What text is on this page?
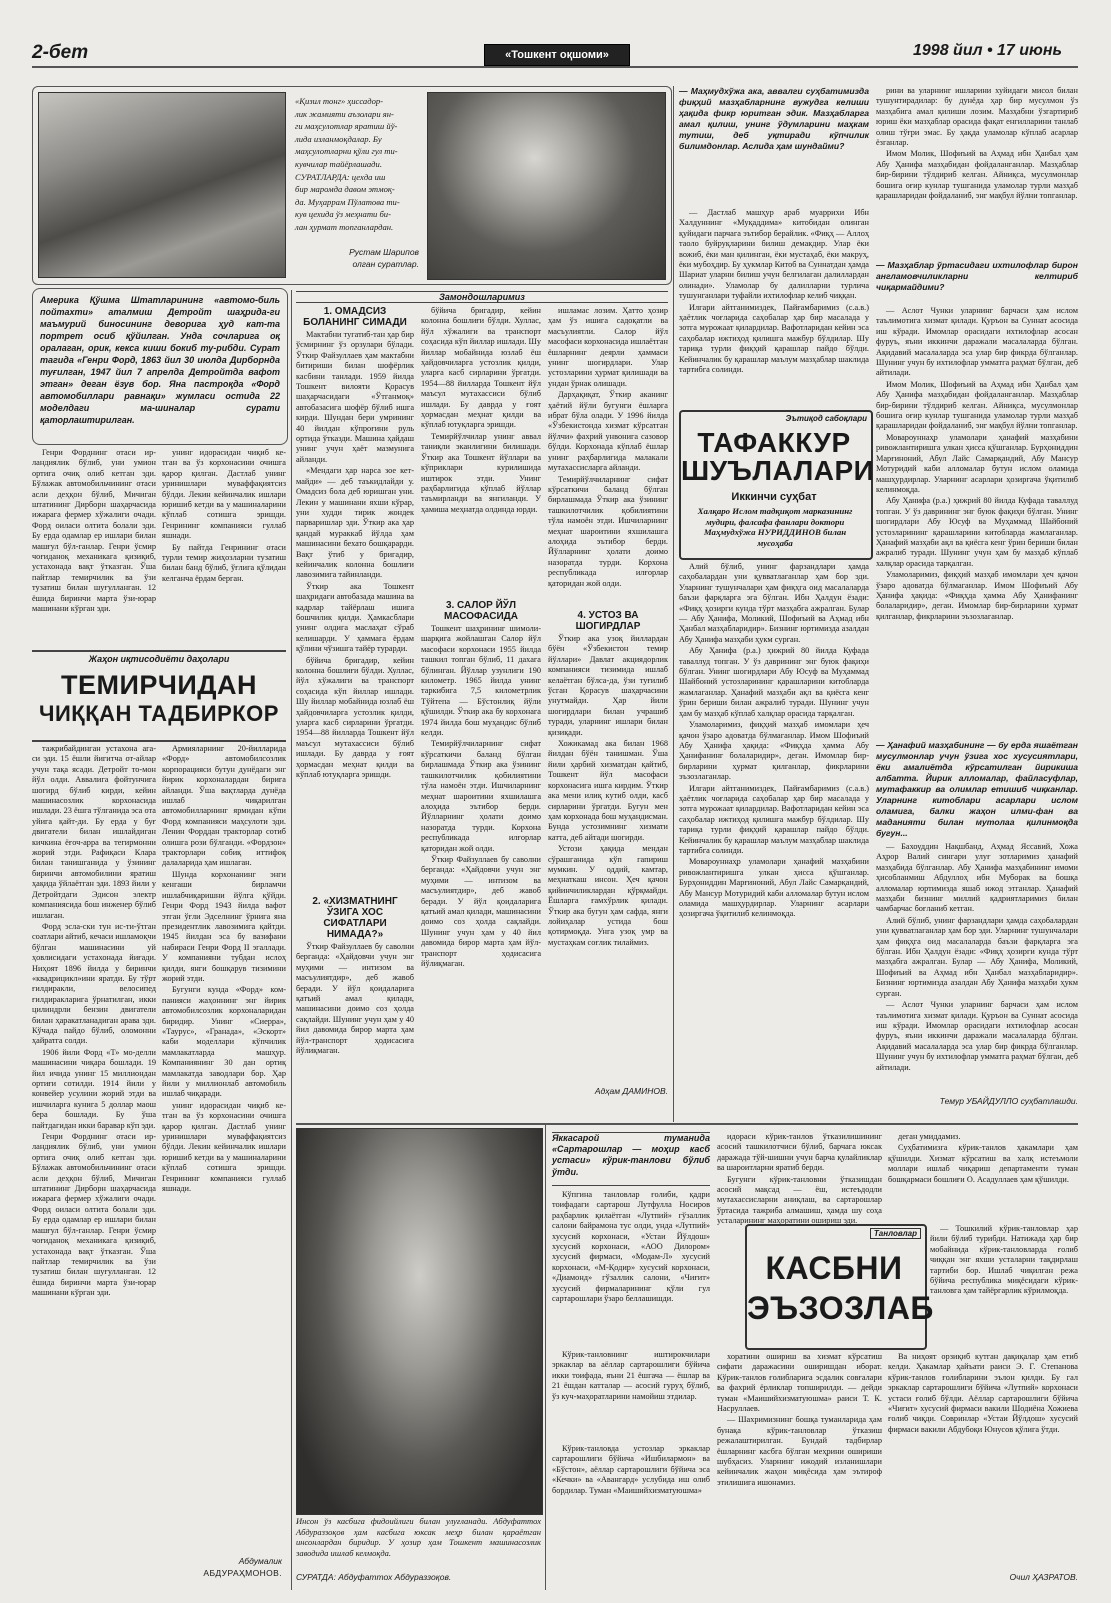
2-бет	«Тошкент оқшоми»	1998 йил • 17 июнь
«Қизил тонг» ҳиссадор-
лик жамияти аъзолари ян-
ги маҳсулотлар яратиш йў-
лида изланмоқдалар. Бу
маҳсулотларни қўли гул ти-
кувчилар тайёрлашади.
СУРАТЛАРДА: цехда иш
бир маромда давом этмоқ-
да. Муҳаррам Пўлатова ти-
кув цехида ўз меҳнати би-
лан ҳурмат топганлардан.
Рустам Шарипов
олган суратлар.
Америка Қўшма Штатларининг «автомо-биль пойтахти» аталмиш Детройт шаҳрида-ги маъмурий биносининг деворига ҳуд кат-та портрет осиб қўйилган. Унда сочларига оқ оралаган, орик, кекса киши бокиб ту-рибди. Сурат тагида «Генри Форд, 1863 йил 30 июлда Дирборнда туғилган, 1947 йил 7 апрелда Детройтда вафот этган» деган ёзув бор. Яна пастроқда «Форд автомобиллари равнақи» жумласи остида 22 моделдаги ма-шиналар сурати қаторлаштирилган.

Генри Форднинг отаси ир-ландиялик бўлиб, уни умион ортига очиқ олиб кетган эди. Бўлажак автомобильчининг отаси асли деҳқон бўлиб, Мичиган штатининг Дирборн шаҳарчасида ижарага фермер хўжалиги очади. Форд оиласи олтита болали эди. Бу ерда одамлар ер ишлари билан машғул бўл-ганлар. Генри ўсмир чоғиданоқ механикага қизиқиб, устахонада вақт ўтказган. Ўша пайтлар темирчилик ва ўзи тузатиш билан шуғулланган. 12 ёшида биринчи марта ўзи-юрар машинани кўрган эди.

унинг идорасидан чиқиб ке-тган ва ўз корхонасини очишга қарор қилган. Дастлаб унинг уринишлари муваффақиятсиз бўлди. Лекин кейинчалик ишлари юришиб кетди ва у машиналарини кўплаб сотишга эришди. Генрининг компанияси гуллаб яшнади.

Бу пайтда Генрининг отаси турли темир жиҳозларни тузатиш билан банд бўлиб, ўғлига қўлидан келганча ёрдам берган.

Жаҳон иқтисодиёти даҳолари
ТЕМИРЧИДАН
ЧИҚҚАН ТАДБИРКОР

тажрибайдинган устахона ага-си эди. 15 ёшли йигитча от-айлар учун тақа ясади. Детройт то-мон йўл олди. Аввалига фойтунчига шогирд бўлиб кирди, кейин машинасозлик корхонасида ишлади. 23 ёшга тўлганида эса ота уйига қайт-ди. Бу ерда у буғ двигатели билан ишлайдиган кичкина ёғоч-арра ва тегирмонни жорий этди. Рафиқаси Клара билан танишганида у ўзининг биринчи автомобилини яратиш ҳақида ўйлаётган эди. 1893 йили у Детройтдаги Эдисон электр компаниясида бош инженер бўлиб ишлаган.

Форд эсла-ски тун ис-ти-ўтган соатлари айтиб, кечаси ишламоқчи бўлган машинасини уй ҳовлисидаги устахонада йиғади. Ниҳоят 1896 йилда у биринчи «квадрицикл»ини яратди. Бу тўрт ғилдиракли, велосипед ғилдиракларига ўрнатилган, икки цилиндрли бензин двигатели билан ҳаракатланадиган арава эди. Кўчада пайдо бўлиб, оломонни ҳайратга солди.

1906 йили Форд «Т» мо-делли машинасини чиқара бошлади. 19 йил ичида унинг 15 миллиондан ортиғи сотилди. 1914 йили у конвейер усулини жорий этди ва ишчиларга кунига 5 доллар маош бера бошлади. Бу ўша пайтдагидан икки баравар кўп эди.

Генри Форднинг отаси ир-ландиялик бўлиб, уни умион ортига очиқ олиб кетган эди. Бўлажак автомобильчининг отаси асли деҳқон бўлиб, Мичиган штатининг Дирборн шаҳарчасида ижарага фермер хўжалиги очади. Форд оиласи олтита болали эди. Бу ерда одамлар ер ишлари билан машғул бўл-ганлар. Генри ўсмир чоғиданоқ механикага қизиқиб, устахонада вақт ўтказган. Ўша пайтлар темирчилик ва ўзи тузатиш билан шуғулланган. 12 ёшида биринчи марта ўзи-юрар машинани кўрган эди.

Армияларнинг 20-йилларида «Форд» автомобилсозлик корпорацияси бутун дунёдаги энг йирик корхоналардан бирига айланди. Ўша вақтларда дунёда ишлаб чиқарилган автомобилларнинг ярмидан кўпи Форд компанияси маҳсулоти эди. Ленин Форддан тракторлар сотиб олишга рози бўлганди. «Фордзон» тракторлари собиқ иттифоқ далаларида ҳам ишлаган.

Шунда корхонанинг энги кенгаши бирламчи ишлабчиқаришни йўлга қўйди. Генри Форд 1943 йилда вафот этган ўғли Эдселнинг ўрнига яна президентлик лавозимига қайтди. 1945 йилдан эса бу вазифани набираси Генри Форд II эгаллади. У компанияни тубдан ислоҳ қилди, янги бошқарув тизимини жорий этди.

Бугунги кунда «Форд» ком-панияси жаҳоннинг энг йирик автомобилсозлик корхоналаридан биридир. Унинг «Сиерра», «Таурус», «Гранада», «Эскорт» каби моделлари кўпчилик мамлакатларда машҳур. Компаниянинг 30 дан ортиқ мамлакатда заводлари бор. Ҳар йили у миллионлаб автомобиль ишлаб чиқаради.

унинг идорасидан чиқиб ке-тган ва ўз корхонасини очишга қарор қилган. Дастлаб унинг уринишлари муваффақиятсиз бўлди. Лекин кейинчалик ишлари юришиб кетди ва у машиналарини кўплаб сотишга эришди. Генрининг компанияси гуллаб яшнади.

Абдумалик
АБДУРАҲМОНОВ.
Замондошларимиз
1. ОМАДСИЗ
БОЛАНИНГ СИМАДИ

Мактабни тугатиб-тан ҳар бир ўсмирнинг ўз орзулари бўлади. Ўткир Файзуллаев ҳам мактабни битириши билан шофёрлик касбини танлади. 1959 йилда Тошкент вилояти Қорасув шаҳарчасидаги «Ўтганмоқ» автобазасига шофёр бўлиб ишга кирди. Шундан бери умрининг 40 йилдан кўпроғини руль ортида ўтказди. Машина ҳайдаш унинг учун ҳаёт мазмунига айланди.

«Мендаги ҳар нарса зое кет-майди» — деб таъкидлайди у. Омадсиз бола деб юришган уни. Лекин у машинани яхши кўрар, уни худди тирик жондек парваришлар эди. Ўткир ака ҳар қандай мураккаб йўлда ҳам машинасини бехато бошқарарди. Вақт ўтиб у бригадир, кейинчалик колонна бошлиғи лавозимига тайинланди.

Ўткир ака Тошкент шаҳридаги автобазада машина ва кадрлар тайёрлаш ишига бошчилик қилди. Ҳамкасблари унинг олдига маслаҳат сўраб келишарди. У ҳаммага ёрдам қўлини чўзишга тайёр турарди.

бўйича бригадир, кейин колонна бошлиғи бўлди. Хуллас, йўл хўжалиги ва транспорт соҳасида кўп йиллар ишлади. Шу йиллар мобайнида юзлаб ёш ҳайдовчиларга устозлик қилди, уларга касб сирларини ўргатди. 1954—88 йилларда Тошкент йўл маъсул мутахассиси бўлиб ишлади. Бу даврда у ғоят ҳормасдан меҳнат қилди ва кўплаб ютуқларга эришди.

2. «ХИЗМАТНИНГ
ЎЗИГА ХОС
СИФАТЛАРИ
НИМАДА?»

Ўткир Файзуллаев бу саволни берганда: «Ҳайдовчи учун энг муҳими — интизом ва масъулиятдир», деб жавоб беради. У йўл қоидаларига қатъий амал қилади, машинасини доимо соз ҳолда сақлайди. Шунинг учун ҳам у 40 йил давомида бирор марта ҳам йўл-транспорт ҳодисасига йўлиқмаган.

бўйича бригадир, кейин колонна бошлиғи бўлди. Хуллас, йўл хўжалиги ва транспорт соҳасида кўп йиллар ишлади. Шу йиллар мобайнида юзлаб ёш ҳайдовчиларга устозлик қилди, уларга касб сирларини ўргатди. 1954—88 йилларда Тошкент йўл маъсул мутахассиси бўлиб ишлади. Бу даврда у ғоят ҳормасдан меҳнат қилди ва кўплаб ютуқларга эришди.

Темирйўлчилар унинг аввал таниқли эканлигини билишади. Ўткир ака Тошкент йўллари ва кўприклари курилишида иштирок этди. Унинг раҳбарлигида кўплаб йўллар таъмирланди ва янгиланди. У ҳамиша меҳнатда олдинда юрди.

3. САЛОР ЙЎЛ
МАСОФАСИДА

Тошкент шаҳрининг шимоли-шарқига жойлашган Салор йўл масофаси корхонаси 1955 йилда ташкил топган бўлиб, 11 дахага бўлинган. Йўллар узунлиги 190 километр. 1965 йилда унинг таркибига 7,5 километрлик Тўйтепа — Бўстонлиқ йўли қўшилди. Ўткир ака бу корхонага 1974 йилда бош муҳандис бўлиб келди.

Темирйўлчиларнинг сифат кўрсаткичи баланд бўлган бирлашмада Ўткир ака ўзининг ташкилотчилик қобилиятини тўла намоён этди. Ишчиларнинг меҳнат шароитини яхшилашга алоҳида эътибор берди. Йўлларнинг ҳолати доимо назоратда турди. Корхона республикада илғорлар қаторидан жой олди.

Ўткир Файзуллаев бу саволни берганда: «Ҳайдовчи учун энг муҳими — интизом ва масъулиятдир», деб жавоб беради. У йўл қоидаларига қатъий амал қилади, машинасини доимо соз ҳолда сақлайди. Шунинг учун ҳам у 40 йил давомида бирор марта ҳам йўл-транспорт ҳодисасига йўлиқмаган.

ишламас лозим. Ҳатто ҳозир ҳам ўз ишига садоқатли ва масъулиятли. Салор йўл масофаси корхонасида ишлаётган ёшларнинг деярли ҳаммаси унинг шогирдлари. Улар устозларини ҳурмат қилишади ва ундан ўрнак олишади.

Дарҳақиқат, Ўткир аканинг ҳаётий йўли бугунги ёшларга ибрат бўла олади. У 1996 йилда «Ўзбекистонда хизмат кўрсатган йўлчи» фахрий унвонига сазовор бўлди. Корхонада кўплаб ёшлар унинг раҳбарлигида малакали мутахассисларга айланди.

Темирйўлчиларнинг сифат кўрсаткичи баланд бўлган бирлашмада Ўткир ака ўзининг ташкилотчилик қобилиятини тўла намоён этди. Ишчиларнинг меҳнат шароитини яхшилашга алоҳида эътибор берди. Йўлларнинг ҳолати доимо назоратда турди. Корхона республикада илғорлар қаторидан жой олди.

4. УСТОЗ ВА
ШОГИРДЛАР

Ўткир ака узоқ йиллардан бўён «Ўзбекистон темир йўллари» Давлат акциядорлик компанияси тизимида ишлаб келаётган бўлса-да, ўзи туғилиб ўсган Қорасув шаҳарчасини унутмайди. Ҳар йили шогирдлари билан учрашиб туради, уларнинг ишлари билан қизиқади.

Хожикамад ака билан 1968 йилдан бўён танишман. Ўша йили ҳарбий хизматдан қайтиб, Тошкент йўл масофаси корхонасига ишга кирдим. Ўткир ака мени илиқ кутиб олди, касб сирларини ўргатди. Бугун мен ҳам корхонада бош муҳандисман. Бунда устозимнинг хизмати катта, деб айтади шогирди.

Устози ҳақида мендан сўрашганида кўп гапириш мумкин. У оддий, камтар, меҳнаткаш инсон. Ҳеч қачон қийинчиликлардан қўрқмайди. Ёшларга ғамхўрлик қилади. Ўткир ака бугун ҳам сафда, янги лойиҳалар устида бош қотирмоқда. Унга узоқ умр ва мустаҳкам соғлик тилаймиз.

Адҳам ДАМИНОВ.
Инсон ўз касбига фидоийлиги билан улуғланади. Абдуфаттох Абдураззоқов ҳам касбига юксак меҳр билан қараётган инсонлардан биридир. У ҳозир ҳам Тошкент машинасозлик заводида ишлаб келмоқда.
СУРАТДА: Абдуфаттох Абдураззоқов.
— Маҳмудхўжа ака, аввалги суҳбатимизда фиқҳий мазҳабларнинг вужудга келиши ҳақида фикр юритган эдик. Мазҳабларга амал қилиш, унинг ўдумларини маҳкам тутиш, деб уқтиради кўпчилик билимдонлар. Аслида ҳам шундайми?

— Дастлаб машҳур араб муаррихи Ибн Халдуннинг «Муқаддима» китобидан олинган қуйидаги парчага эътибор берайлик. «Фиқҳ — Аллоҳ таоло буйруқларини билиш демакдир. Улар ёки вожиб, ёки ман қилинган, ёки мустаҳаб, ёки макруҳ, ёки мубоҳдир. Бу ҳукмлар Китоб ва Суннатдан ҳамда Шариат уларни билиш учун белгилаган далиллардан олинади». Уламолар бу далилларни турлича тушунганлари туфайли ихтилофлар келиб чиққан.

Илгари айтганимиздек, Пайғамбаримиз (с.а.в.) ҳаётлик чоғларида саҳобалар ҳар бир масалада у зотга мурожаат қилардилар. Вафотларидан кейин эса саҳобалар ижтиҳод қилишга мажбур бўлдилар. Шу тариқа турли фиқҳий қарашлар пайдо бўлди. Кейинчалик бу қарашлар маълум мазҳаблар шаклида тартибга солинди.

Эътиқод сабоқлари
ТАФАККУР
ШУЪЛАЛАРИ
Иккинчи суҳбат
Халқаро Ислом тадқиқот марказининг мудири, фалсафа фанлари доктори Маҳмудхўжа НУРИДДИНОВ билан мусоҳаба

Алий бўлиб, унинг фарзандлари ҳамда саҳобалардан уни қувватлаганлар ҳам бор эди. Уларнинг тушунчалари ҳам фиқҳга оид масалаларда баъзи фарқларга эга бўлган. Ибн Ҳалдун ёзади: «Фиқҳ ҳозирги кунда тўрт мазҳабга ажралган. Булар — Абу Ҳанифа, Моликий, Шофиъий ва Аҳмад ибн Ҳанбал мазҳабларидир». Бизнинг юртимизда азалдан Абу Ҳанифа мазҳаби ҳукм сурган.

Абу Ҳанифа (р.а.) ҳижрий 80 йилда Куфада таваллуд топган. У ўз даврининг энг буюк фақиҳи бўлган. Унинг шогирдлари Абу Юсуф ва Муҳаммад Шайбоний устозларининг қарашларини китобларда жамлаганлар. Ҳанафий мазҳаби ақл ва қиёсга кенг ўрин бериши билан ажралиб туради. Шунинг учун ҳам бу мазҳаб кўплаб халқлар орасида тарқалган.

Уламоларимиз, фиқҳий мазҳаб имомлари ҳеч қачон ўзаро адоватда бўлмаганлар. Имом Шофиъий Абу Ҳанифа ҳақида: «Фиқҳда ҳамма Абу Ҳанифанинг болаларидир», деган. Имомлар бир-бирларини ҳурмат қилганлар, фикрларини эъзозлаганлар.

Илгари айтганимиздек, Пайғамбаримиз (с.а.в.) ҳаётлик чоғларида саҳобалар ҳар бир масалада у зотга мурожаат қилардилар. Вафотларидан кейин эса саҳобалар ижтиҳод қилишга мажбур бўлдилар. Шу тариқа турли фиқҳий қарашлар пайдо бўлди. Кейинчалик бу қарашлар маълум мазҳаблар шаклида тартибга солинди.

Мовароуннаҳр уламолари ҳанафий мазҳабини ривожлантиришга улкан ҳисса қўшганлар. Бурҳониддин Марғиноний, Абул Лайс Самарқандий, Абу Мансур Мотуридий каби алломалар бутун ислом оламида машҳурдирлар. Уларнинг асарлари ҳозиргача ўқитилиб келинмоқда.

рини ва уларнинг ишларини хуйидаги мисол билан тушунтирадилар: бу дунёда ҳар бир мусулмон ўз мазҳабига амал қилиши лозим. Мазҳабни ўзгартириб юриш ёки мазҳаблар орасида фақат енгилларини танлаб олиш тўғри эмас. Бу ҳақда уламолар кўплаб асарлар ёзганлар.

Имом Молик, Шофиъий ва Аҳмад ибн Ҳанбал ҳам Абу Ҳанифа мазҳабидан фойдаланганлар. Мазҳаблар бир-бирини тўлдириб келган. Айниқса, мусулмонлар бошига оғир кунлар тушганида уламолар турли мазҳаб қарашларидан фойдаланиб, энг мақбул йўлни топганлар.

— Мазҳаблар ўртасидаги ихтилофлар бирон англамовчиликларни келтириб чиқармайдими?

— Аслот Чунки уларнинг барчаси ҳам ислом таълимотига хизмат қилади. Қуръон ва Суннат асосида иш кўради. Имомлар орасидаги ихтилофлар асосан фуруъ, яъни иккинчи даражали масалаларда бўлган. Ақидавий масалаларда эса улар бир фикрда бўлганлар. Шунинг учун бу ихтилофлар умматга раҳмат бўлган, деб айтилади.

Имом Молик, Шофиъий ва Аҳмад ибн Ҳанбал ҳам Абу Ҳанифа мазҳабидан фойдаланганлар. Мазҳаблар бир-бирини тўлдириб келган. Айниқса, мусулмонлар бошига оғир кунлар тушганида уламолар турли мазҳаб қарашларидан фойдаланиб, энг мақбул йўлни топганлар.

Мовароуннаҳр уламолари ҳанафий мазҳабини ривожлантиришга улкан ҳисса қўшганлар. Бурҳониддин Марғиноний, Абул Лайс Самарқандий, Абу Мансур Мотуридий каби алломалар бутун ислом оламида машҳурдирлар. Уларнинг асарлари ҳозиргача ўқитилиб келинмоқда.

Абу Ҳанифа (р.а.) ҳижрий 80 йилда Куфада таваллуд топган. У ўз даврининг энг буюк фақиҳи бўлган. Унинг шогирдлари Абу Юсуф ва Муҳаммад Шайбоний устозларининг қарашларини китобларда жамлаганлар. Ҳанафий мазҳаби ақл ва қиёсга кенг ўрин бериши билан ажралиб туради. Шунинг учун ҳам бу мазҳаб кўплаб халқлар орасида тарқалган.

Уламоларимиз, фиқҳий мазҳаб имомлари ҳеч қачон ўзаро адоватда бўлмаганлар. Имом Шофиъий Абу Ҳанифа ҳақида: «Фиқҳда ҳамма Абу Ҳанифанинг болаларидир», деган. Имомлар бир-бирларини ҳурмат қилганлар, фикрларини эъзозлаганлар.

— Ҳанафий мазҳабининг — бу ерда яшаётган мусулмонлар учун ўзига хос хусусиятлари, ёки амалиётда кўрсатилган йирикиша албатта. Йирик алломалар, файласуфлар, мутафаккир ва олимлар етишиб чиқканлар. Уларнинг китоблари асарлари ислом оламига, балки жаҳон илми-фан ва маданияти билан мутолаа қилинмоқда бугун...

— Бахоуддин Нақшбанд, Аҳмад Яссавий, Хожа Аҳрор Валий сингари улуғ зотларимиз ҳанафий мазҳабида бўлганлар. Абу Ҳанифа мазҳабининг имоми ҳисобланмиш Абдуллоҳ ибн Муборак ва бошқа алломалар юртимизда яшаб ижод этганлар. Ҳанафий мазҳаби бизнинг миллий қадриятларимиз билан чамбарчас боғланиб кетган.

Алий бўлиб, унинг фарзандлари ҳамда саҳобалардан уни қувватлаганлар ҳам бор эди. Уларнинг тушунчалари ҳам фиқҳга оид масалаларда баъзи фарқларга эга бўлган. Ибн Ҳалдун ёзади: «Фиқҳ ҳозирги кунда тўрт мазҳабга ажралган. Булар — Абу Ҳанифа, Моликий, Шофиъий ва Аҳмад ибн Ҳанбал мазҳабларидир». Бизнинг юртимизда азалдан Абу Ҳанифа мазҳаби ҳукм сурган.

— Аслот Чунки уларнинг барчаси ҳам ислом таълимотига хизмат қилади. Қуръон ва Суннат асосида иш кўради. Имомлар орасидаги ихтилофлар асосан фуруъ, яъни иккинчи даражали масалаларда бўлган. Ақидавий масалаларда эса улар бир фикрда бўлганлар. Шунинг учун бу ихтилофлар умматга раҳмат бўлган, деб айтилади.

Темур УБАЙДУЛЛО суҳбатлашди.
Яккасарой туманида «Сартарошлар — моҳир касб устаси» кўрик-танлови бўлиб ўтди.

Кўпгина танловлар ғолиби, қадри тоифадаги сартарош Лутфулла Носиров раҳбарлик қилаётган «Лутпий» гўзаллик салони байрамона тус олди, унда «Лутпий» хусусий корхонаси, «Устаи Йўлдош» хусусий корхонаси, «АОО Дилором» хусусий фирмаси, «Модам-Л» хусусий корхонаси, «М-Қодир» хусусий корхонаси, «Диамонд» гўзаллик салони, «Чиғит» хусусий фирмаларининг қўли гул сартарошлари ўзаро беллашишди.

Кўрик-танловнинг иштирокчилари эркаклар ва аёллар сартарошлиги бўйича икки тоифада, яъни 21 ёшгача — ёшлар ва 21 ёшдан катталар — асосий гуруҳ бўлиб, ўз куч-маҳоратларини намойиш этдилар.

Кўрик-танловда устозлар эркаклар сартарошлиги бўйича «Ишбилармон» ва «Бўстон», аёллар сартарошлиги бўйича эса «Кечки» ва «Авангард» услубида иш олиб бордилар. Туман «Маишийхизматуюшма»

идораси кўрик-танлов ўтказилишининг асосий ташкилотчиси бўлиб, барчага юксак даражада тўй-шишни учун барча қулайликлар ва шароитларни яратиб берди.

Бугунги кўрик-танловни ўтказишдан асосий мақсад — ёш, истеъдодли мутахассисларни аниқлаш, ва сартарошлар ўртасида тажриба алмашиш, ҳамда шу соҳа усталарининг маҳоратини ошириш эди.

Танловлар
КАСБНИ
ЭЪЗОЗЛАБ

хоратини ошириш ва хизмат кўрсатиш сифати даражасини оширишдан иборат. Кўрик-танлов ғолибларига эсдалик совғалари ва фахрий ёрликлар топширилди. — дейди туман «Маишийхизматуюшма» раиси Т. К. Насруллаев.

— Шахримизнинг бошқа туманларида ҳам бунақа кўрик-танловлар ўтказиш режалаштирилган. Бундай тадбирлар ёшларнинг касбга бўлган меҳрини ошириши шубҳасиз. Уларнинг ижодий изланишлари кейинчалик жаҳон миқёсида ҳам эътироф этилишига ишонамиз.

деган умиддамиз.

Суҳбатимизга кўрик-танлов ҳакамлари ҳам қўшилди. Хизмат кўрсатиш ва халқ истеъмоли моллари ишлаб чиқариш департаменти туман бошқармаси бошлиғи О. Асадуллаев ҳам қўшилди.

— Тошкилий кўрик-танловлар ҳар йили бўлиб турибди. Натижада ҳар бир мобайнида кўрик-танловларда ғолиб чиққан энг яхши усталарни тақдирлаш тартиби бор. Ишлаб чиқилган режа бўйича республика миқёсидаги кўрик-танловга ҳам тайёргарлик кўрилмоқда.

Ва ниҳоят орзиқиб кутган дақиқалар ҳам етиб келди. Ҳакамлар ҳайъати раиси Э. Г. Степанова кўрик-танлов ғолибларини эълон қилди. Бу гал эркаклар сартарошлиги бўйича «Лутпий» корхонаси устаси ғолиб бўлди. Аёллар сартарошлиги бўйича «Чиғит» хусусий фирмаси вакили Шодиёна Хожиева ғолиб чиқди. Совринлар «Устаи Йўлдош» хусусий фирмаси вакили Абдубоқи Юнусов қўлига ўтди.

Очил ҲАЗРАТОВ.
